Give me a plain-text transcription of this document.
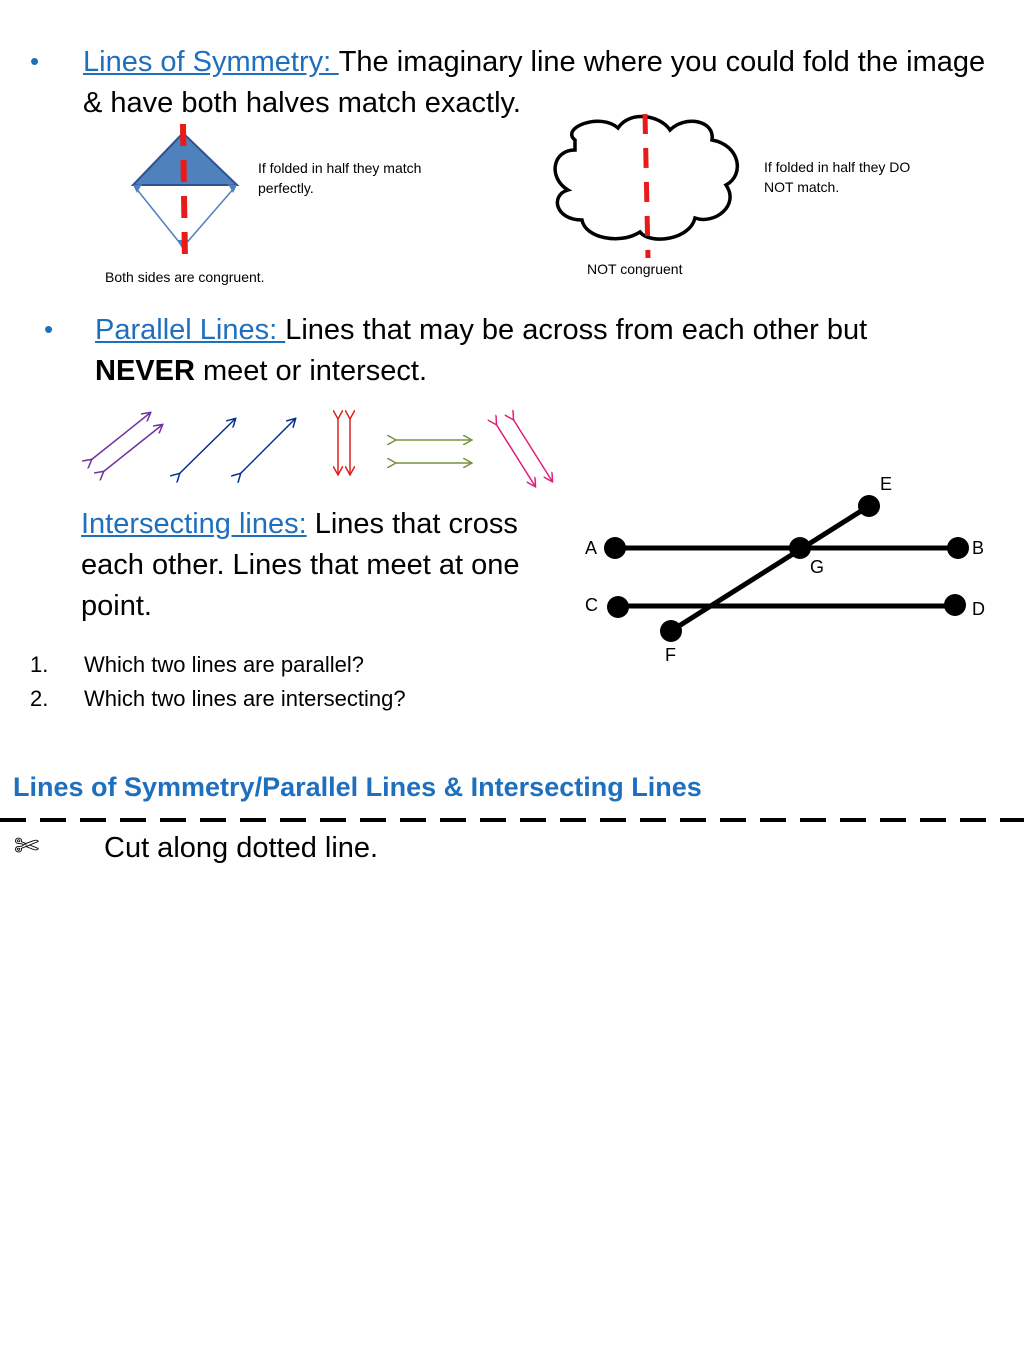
• Lines of Symmetry: The imaginary line where you could fold the image & have both halves match exactly.
If folded in half they match perfectly.
Both sides are congruent.
If folded in half they DO NOT match.
NOT congruent
• Parallel Lines: Lines that may be across from each other but
NEVER meet or intersect.
Intersecting lines: Lines that cross each other. Lines that meet at one point.
A	B
C	D
E
F
G
1. Which two lines are parallel?
2. Which two lines are intersecting?
Lines of Symmetry/Parallel Lines & Intersecting Lines
✄ Cut along dotted line.
